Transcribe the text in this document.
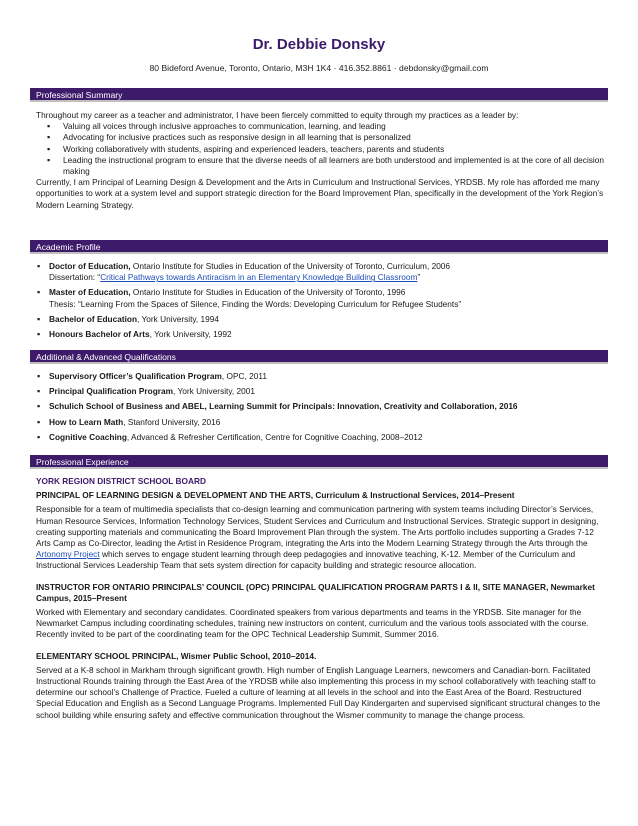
Dr. Debbie Donsky
80 Bideford Avenue, Toronto, Ontario, M3H 1K4 · 416.352.8861 · debdonsky@gmail.com
Professional Summary

Throughout my career as a teacher and administrator, I have been fiercely committed to equity through my practices as a leader by:

▪ Valuing all voices through inclusive approaches to communication, learning, and leading
▪ Advocating for inclusive practices such as responsive design in all learning that is personalized
▪ Working collaboratively with students, aspiring and experienced leaders, teachers, parents and students
▪ Leading the instructional program to ensure that the diverse needs of all learners are both understood and implemented is at the core of all decision making

Currently, I am Principal of Learning Design & Development and the Arts in Curriculum and Instructional Services, YRDSB. My role has afforded me many opportunities to work at a system level and support strategic direction for the Board Improvement Plan, specifically in the development of the York Region’s Modern Learning Strategy.

Academic Profile
▪ Doctor of Education, Ontario Institute for Studies in Education of the University of Toronto, Curriculum, 2006
Dissertation: “Critical Pathways towards Antiracism in an Elementary Knowledge Building Classroom”
▪ Master of Education, Ontario Institute for Studies in Education of the University of Toronto, 1996
Thesis: “Learning From the Spaces of Silence, Finding the Words: Developing Curriculum for Refugee Students”
▪ Bachelor of Education, York University, 1994
▪ Honours Bachelor of Arts, York University, 1992
Additional & Advanced Qualifications
▪ Supervisory Officer’s Qualification Program, OPC, 2011
▪ Principal Qualification Program, York University, 2001
▪ Schulich School of Business and ABEL, Learning Summit for Principals: Innovation, Creativity and Collaboration, 2016
▪ How to Learn Math, Stanford University, 2016
▪ Cognitive Coaching, Advanced & Refresher Certification, Centre for Cognitive Coaching, 2008–2012
Professional Experience
YORK REGION DISTRICT SCHOOL BOARD
PRINCIPAL OF LEARNING DESIGN & DEVELOPMENT AND THE ARTS, Curriculum & Instructional Services, 2014–Present

Responsible for a team of multimedia specialists that co-design learning and communication partnering with system teams including Director’s Services, Human Resource Services, Information Technology Services, Student Services and Curriculum and Instructional Services. Strategic support in designing, creating supporting materials and communicating the Board Improvement Plan through the system. The Arts portfolio includes supporting a Grades 7-12 Arts Camp as Co-Director, leading the Artist in Residence Program, integrating the Arts into the Modern Learning Strategy through the Arts through the Artonomy Project which serves to engage student learning through deep pedagogies and innovative teaching, K-12. Member of the Curriculum and Instructional Services Leadership Team that sets system direction for capacity building and strategic resource allocation.

INSTRUCTOR FOR ONTARIO PRINCIPALS’ COUNCIL (OPC) PRINCIPAL QUALIFICATION PROGRAM PARTS I & II, SITE MANAGER, Newmarket Campus, 2015–Present

Worked with Elementary and secondary candidates. Coordinated speakers from various departments and teams in the YRDSB. Site manager for the Newmarket Campus including coordinating schedules, training new instructors on content, curriculum and the various tools associated with the course. Recently invited to be part of the coordinating team for the OPC Technical Leadership Summit, Summer 2016.

ELEMENTARY SCHOOL PRINCIPAL, Wismer Public School, 2010–2014.

Served at a K-8 school in Markham through significant growth. High number of English Language Learners, newcomers and Canadian-born. Facilitated Instructional Rounds training through the East Area of the YRDSB while also implementing this process in my school collaboratively with teaching staff to determine our school’s Challenge of Practice. Fueled a culture of learning at all levels in the school and into the East Area of the Board. Restructured Special Education and English as a Second Language Programs. Implemented Full Day Kindergarten and supervised significant structural changes to the school building while ensuring safety and effective communication throughout the Wismer community to manage the change process.
